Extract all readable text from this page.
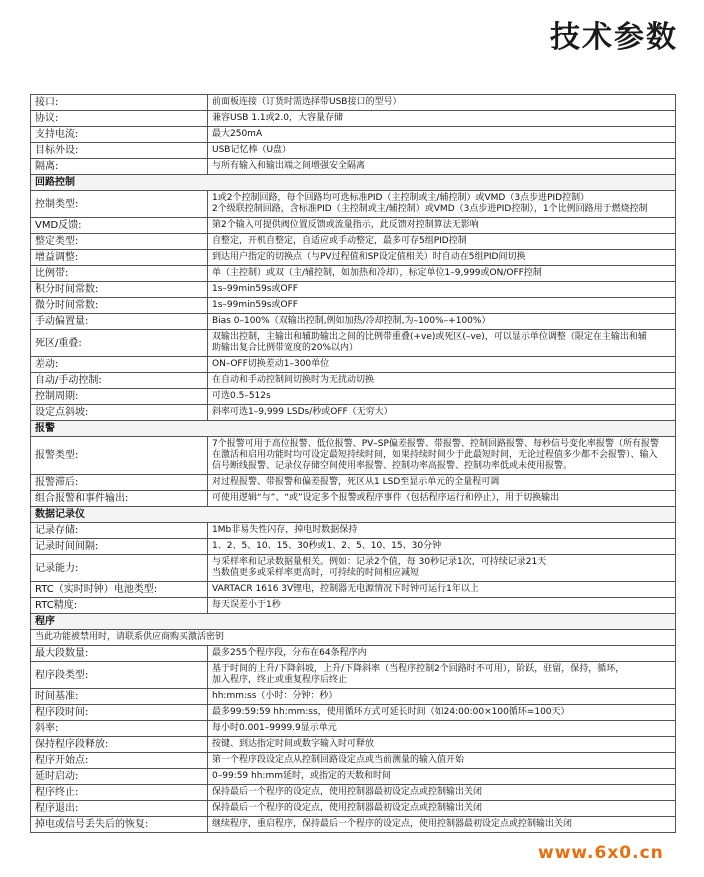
技术参数
接口:	前面板连接（订货时需选择带USB接口的型号）

协议:	兼容USB 1.1或2.0，大容量存储

支持电流:	最大250mA

目标外设:	USB记忆棒（U盘）

隔离:	与所有输入和输出端之间增强安全隔离

回路控制	
控制类型:	1或2个控制回路，每个回路均可选标准PID（主控制或主/辅控制）或VMD（3点步进PID控制）
2个级联控制回路，含标准PID（主控制或主/辅控制）或VMD（3点步进PID控制），1个比例回路用于燃烧控制

VMD反馈:	第2个输入可提供阀位置反馈或流量指示，此反馈对控制算法无影响

整定类型:	自整定，开机自整定，自适应或手动整定，最多可存5组PID控制

增益调整:	到达用户指定的切换点（与PV过程值和SP设定值相关）时自动在5组PID间切换

比例带:	单（主控制）或双（主/辅控制，如加热和冷却），标定单位1–9,999或ON/OFF控制

积分时间常数:	1s–99min59s或OFF

微分时间常数:	1s–99min59s或OFF

手动偏置量:	Bias 0–100%（双输出控制,例如加热/冷却控制,为–100%–+100%）

死区/重叠:	双输出控制，主输出和辅助输出之间的比例带重叠(+ve)或死区(–ve)，可以显示单位调整（限定在主输出和辅
助输出复合比例带宽度的20%以内）

差动:	ON–OFF切换差动1–300单位

自动/手动控制:	在自动和手动控制间切换时为无扰动切换

控制周期:	可选0.5–512s

设定点斜坡:	斜率可选1–9,999 LSDs/秒或OFF（无穷大）

报警	
报警类型:	7个报警可用于高位报警、低位报警、PV–SP偏差报警、带报警、控制回路报警、每秒信号变化率报警（所有报警
在激活和启用功能时均可设定最短持续时间，如果持续时间少于此最短时间，无论过程值多少都不会报警）、输入
信号断线报警、记录仪存储空间使用率报警、控制功率高报警、控制功率低或未使用报警。

报警滞后:	对过程报警、带报警和偏差报警，死区从1 LSD至显示单元的全量程可调

组合报警和事件输出:	可使用逻辑“与”、“或”设定多个报警或程序事件（包括程序运行和停止），用于切换输出

数据记录仪	
记录存储:	1Mb非易失性闪存，掉电时数据保持

记录时间间隔:	1、2、5、10、15、30秒或1、2、5、10、15、30分钟

记录能力:	与采样率和记录数据量相关。例如：记录2个值，每 30秒记录1次，可持续记录21天
当数值更多或采样率更高时，可持续的时间相应减短

RTC（实时时钟）电池类型:	VARTACR 1616 3V锂电，控制器无电源情况下时钟可运行1年以上

RTC精度:	每天误差小于1秒

程序	
当此功能被禁用时，请联系供应商购买激活密钥	
最大段数量:	最多255个程序段，分布在64条程序内

程序段类型:	基于时间的上升/下降斜坡，上升/下降斜率（当程序控制2个回路时不可用），阶跃，驻留，保持，循环，
加入程序，终止或重复程序后终止

时间基准:	hh:mm:ss（小时：分钟：秒）

程序段时间:	最多99:59:59 hh:mm:ss，使用循环方式可延长时间（如24:00:00×100循环=100天）

斜率:	每小时0.001–9999.9显示单元

保持程序段释放:	按键、到达指定时间或数字输入时可释放

程序开始点:	第一个程序段设定点从控制回路设定点或当前测量的输入值开始

延时启动:	0–99:59 hh:mm延时，或指定的天数和时间

程序终止:	保持最后一个程序的设定点，使用控制器最初设定点或控制输出关闭

程序退出:	保持最后一个程序的设定点，使用控制器最初设定点或控制输出关闭

掉电或信号丢失后的恢复:	继续程序，重启程序，保持最后一个程序的设定点，使用控制器最初设定点或控制输出关闭
www.6x0.cn
